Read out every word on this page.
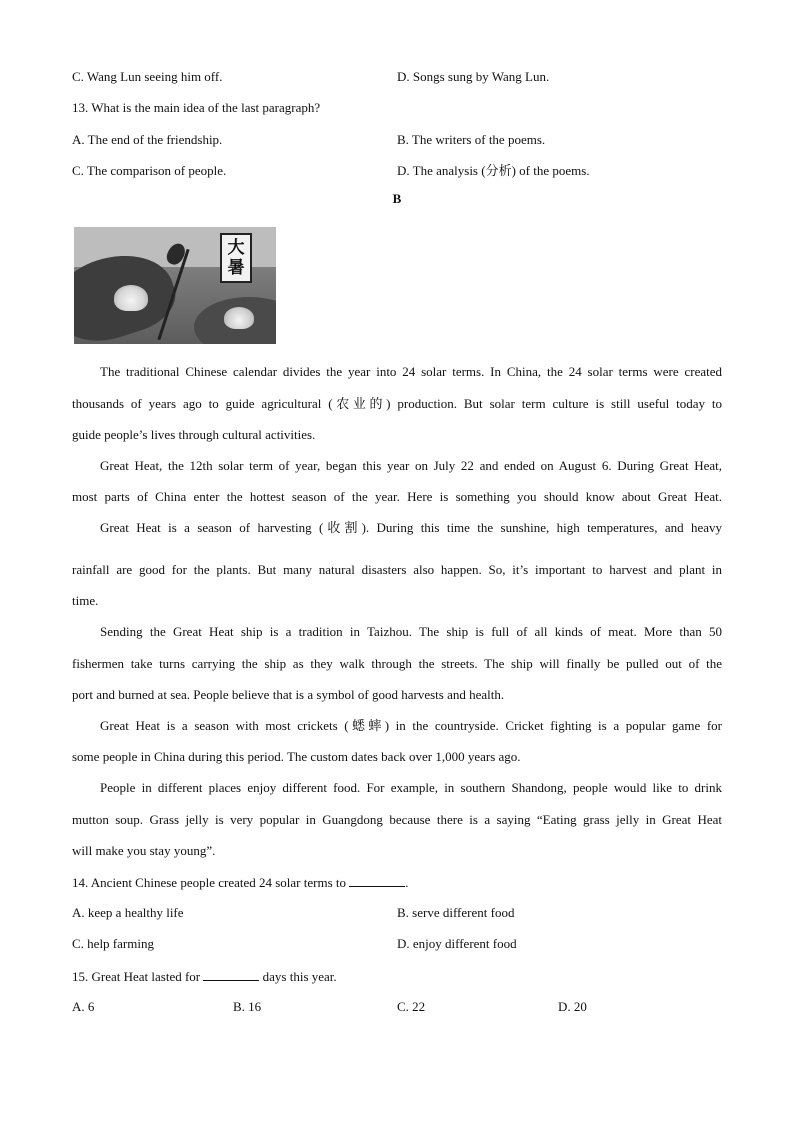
C. Wang Lun seeing him off.	D. Songs sung by Wang Lun.
13. What is the main idea of the last paragraph?
A. The end of the friendship.	B. The writers of the poems.
C. The comparison of people.	D. The analysis (分析) of the poems.
B
大
暑
The traditional Chinese calendar divides the year into 24 solar terms. In China, the 24 solar terms were created
thousands of years ago to guide agricultural (农业的) production. But solar term culture is still useful today to
guide people’s lives through cultural activities.
Great Heat, the 12th solar term of year, began this year on July 22 and ended on August 6. During Great Heat,
most parts of China enter the hottest season of the year. Here is something you should know about Great Heat.
Great Heat is a season of harvesting (收割). During this time the sunshine, high temperatures, and heavy
rainfall are good for the plants. But many natural disasters also happen. So, it’s important to harvest and plant in
time.
Sending the Great Heat ship is a tradition in Taizhou. The ship is full of all kinds of meat. More than 50
fishermen take turns carrying the ship as they walk through the streets. The ship will finally be pulled out of the
port and burned at sea. People believe that is a symbol of good harvests and health.
Great Heat is a season with most crickets (蟋蟀) in the countryside. Cricket fighting is a popular game for
some people in China during this period. The custom dates back over 1,000 years ago.
People in different places enjoy different food. For example, in southern Shandong, people would like to drink
mutton soup. Grass jelly is very popular in Guangdong because there is a saying “Eating grass jelly in Great Heat
will make you stay young”.
14. Ancient Chinese people created 24 solar terms to	.
A. keep a healthy life	B. serve different food
C. help farming	D. enjoy different food
15. Great Heat lasted for	days this year.
A. 6	B. 16	C. 22	D. 20
